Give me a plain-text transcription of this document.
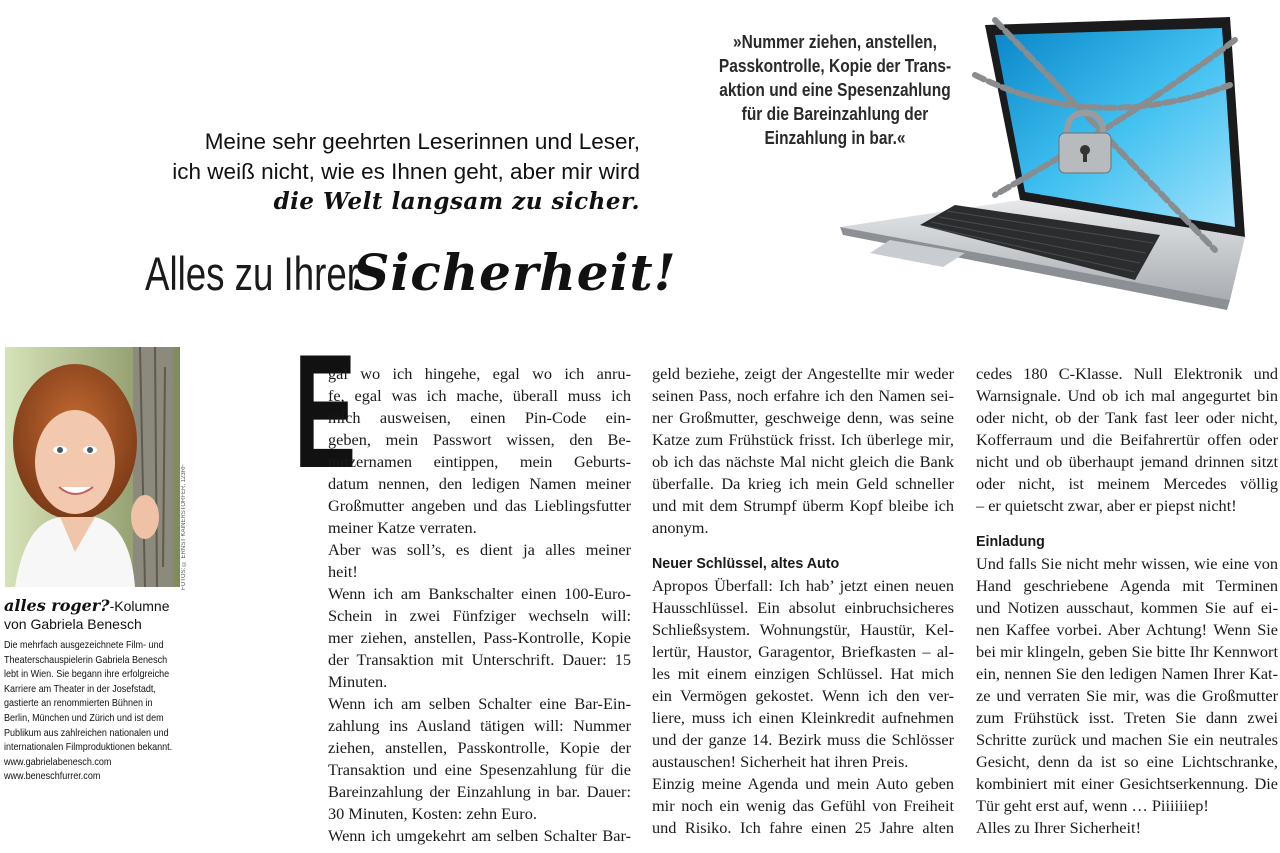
»Nummer ziehen, anstellen,
Passkontrolle, Kopie der Trans-
aktion und eine Spesenzahlung
für die Bareinzahlung der
Einzahlung in bar.«
Meine sehr geehrten Leserinnen und Leser,
ich weiß nicht, wie es Ihnen geht, aber mir wird
die Welt langsam zu sicher.
Alles zu Ihrer Sicherheit!
FOTOS: © ERNST KAINERSTORFER, 123RF
alles roger?-Kolumne
von Gabriela Benesch
Die mehrfach ausgezeichnete Film- und
Theaterschauspielerin Gabriela Benesch
lebt in Wien. Sie begann ihre erfolgreiche
Karriere am Theater in der Josefstadt,
gastierte an renommierten Bühnen in
Berlin, München und Zürich und ist dem
Publikum aus zahlreichen nationalen und
internationalen Filmproduktionen bekannt.
www.gabrielabenesch.com
www.beneschfurrer.com
E
gal wo ich hingehe, egal wo ich anru-
fe, egal was ich mache, überall muss ich
mich ausweisen, einen Pin-Code ein-
geben, mein Passwort wissen, den Be-
nutzernamen eintippen, mein Geburts-
datum nennen, den ledigen Namen meiner
Großmutter angeben und das Lieblingsfutter
meiner Katze verraten.
Aber was soll’s, es dient ja alles meiner
heit!
Wenn ich am Bankschalter einen 100-Euro-
Schein in zwei Fünfziger wechseln will:
mer ziehen, anstellen, Pass-Kontrolle, Kopie
der Transaktion mit Unterschrift. Dauer: 15
Minuten.
Wenn ich am selben Schalter eine Bar-Ein-
zahlung ins Ausland tätigen will: Nummer
ziehen, anstellen, Passkontrolle, Kopie der
Transaktion und eine Spesenzahlung für die
Bareinzahlung der Einzahlung in bar. Dauer:
30 Minuten, Kosten: zehn Euro.
Wenn ich umgekehrt am selben Schalter Bar-
geld beziehe, zeigt der Angestellte mir weder
seinen Pass, noch erfahre ich den Namen sei-
ner Großmutter, geschweige denn, was seine
Katze zum Frühstück frisst. Ich überlege mir,
ob ich das nächste Mal nicht gleich die Bank
überfalle. Da krieg ich mein Geld schneller
und mit dem Strumpf überm Kopf bleibe ich
anonym.
Neuer Schlüssel, altes Auto
Apropos Überfall: Ich hab’ jetzt einen neuen
Hausschlüssel. Ein absolut einbruchsicheres
Schließsystem. Wohnungstür, Haustür, Kel-
lertür, Haustor, Garagentor, Briefkasten – al-
les mit einem einzigen Schlüssel. Hat mich
ein Vermögen gekostet. Wenn ich den ver-
liere, muss ich einen Kleinkredit aufnehmen
und der ganze 14. Bezirk muss die Schlösser
austauschen! Sicherheit hat ihren Preis.
Einzig meine Agenda und mein Auto geben
mir noch ein wenig das Gefühl von Freiheit
und Risiko. Ich fahre einen 25 Jahre alten
cedes 180 C-Klasse. Null Elektronik und
Warnsignale. Und ob ich mal angegurtet bin
oder nicht, ob der Tank fast leer oder nicht,
Kofferraum und die Beifahrertür offen oder
nicht und ob überhaupt jemand drinnen sitzt
oder nicht, ist meinem Mercedes völlig
– er quietscht zwar, aber er piepst nicht!
Einladung
Und falls Sie nicht mehr wissen, wie eine von
Hand geschriebene Agenda mit Terminen
und Notizen ausschaut, kommen Sie auf ei-
nen Kaffee vorbei. Aber Achtung! Wenn Sie
bei mir klingeln, geben Sie bitte Ihr Kennwort
ein, nennen Sie den ledigen Namen Ihrer Kat-
ze und verraten Sie mir, was die Großmutter
zum Frühstück isst. Treten Sie dann zwei
Schritte zurück und machen Sie ein neutrales
Gesicht, denn da ist so eine Lichtschranke,
kombiniert mit einer Gesichtserkennung. Die
Tür geht erst auf, wenn … Piiiiiiep!
Alles zu Ihrer Sicherheit!
